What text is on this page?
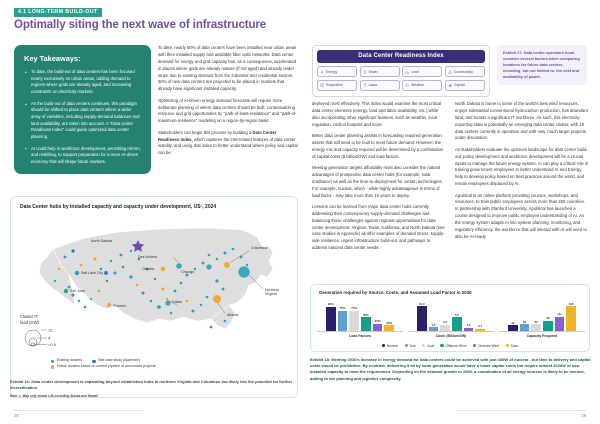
4.1 LONG-TERM BUILD-OUT
Optimally siting the next wave of infrastructure
Key Takeaways:
• To date, the build-out of data centers has been focused nearly exclusively on urban areas, adding demand to regions where grids are already aged, and increasing constraints on electricity markets.
• As the build-out of data centers continues, this paradigm should be shifted to place data centers where a wider array of variables, including supply-demand balances and land availability, are taken into account. A "Data center Readiness Index" could guide optimized data center planning.
• AI could help in workforce development, permitting reform, and reskilling, to support preparation for a more AI-driven economy that will shape future markets.

To date, nearly 50% of data centers have been installed near urban areas with their installed supply and available fiber optic networks. Data center demand for energy and grid capacity has, as a consequence, accelerated in places where grids are already mature (if not aged) and already under strain due to existing demand from the industrial and residential sectors. 50% of new data centers are projected to be placed in markets that already have significant installed capacity.

Optimizing of AI-driven energy demand forecasts will require more deliberate planning of where data centers should be built, contextualizing resource and grid opportunities by "path-of-least-resistance" and "path-of-maximum-resilience" modeling on a region-by-region basis.

Stakeholders can begin this process by building a Data Center Readiness Index, which captures the interrelated features of data center viability, and using that index to better understand where policy and capital can be

Data Center Readiness Index
Energy	Water	Land	Connectivity
Regulation	Labor	Weather	Capital
Exhibit 17: Data center operators must consider several factors when comparing locations for future data centers, including, but not limited to, the cost and availability of power.

deployed most effectively. This index would examine the most critical data center elements (energy, land and labor availability, etc.) while also incorporating other significant features, such as weather, local regulation, carbon footprint and more.

Better data center planning assists in forecasting required generation assets that will need to be built to meet future demand. However, the energy mix and capacity required will be determined by a combination of capital costs ($ billion/GW) and load factors.

Meeting generation targets affordably must also consider the natural advantages of prospective data center hubs (for example, solar irradiance) as well as the time-to-deployment for certain technologies. For example, nuclear, which - while highly advantageous in terms of load factor - may take more than 10 years to deploy.

Lessons can be learned from major data center hubs currently addressing their contemporary supply-demand challenges and balancing those challenges against regional opportunities for data center development. Virginia, Texas, California, and North Dakota (see case studies in Appendix) all offer examples of demand stress, supply-side resilience, urgent infrastructure build-out, and pathways to address nascent data center needs.

North Dakota is home to some of the world's best wind resources, enjoys substantial conventional hydrocarbon production, has abundant land, and boasts a significant IT workforce. As such, this electricity-exporting state is potentially an emerging data center cluster, with 19 data centers currently in operation and with new, much larger projects under discussion.

As stakeholders evaluate the optimum landscape for data center build-out, policy development and workforce development will be a crucial inputs to manage the future energy system. AI can play a critical role in training government employees to better understand AI and Energy, help to develop policy based on best practices around the world, and retrain employees displaced by AI.

Apolitical is an online platform providing courses, workshops, and resources, to train public employees across more than 250 countries. In partnership with Stanford University, Apolitical has launched a course designed to improve public employee understanding of AI. As the energy system adapts AI into system planning, monitoring, and regulatory efficiency, the workforce that will interact with AI will need to also be AI-ready.

Data Center hubs by installed capacity and capacity under development, US¹, 2024
North Dakota
Des Moines
Omaha
Chicago
Columbus
Salt Lake City
San Jose
Phoenix
Dallas
Atlanta
Northern
Virginia
Cluster IT
load (GW)
12
4
=0.5
Existing clusters	Site case study (Appendix)
Future clusters based on current pipeline of announced projects
Exhibit 16: Data center development is expanding beyond established hubs in northern Virginia and Columbus but likely has the potential for further diversification.
Note: 1. Map only shows L48 excluding Alaska and Hawaii
Generation required by Source, Costs, and Assumed Load Factor in 2030
90%
75% 75%
50%
25% 20%
Load Factors
10.0
1.5
2.5
5.5
1.2	0.7
Costs (Billion/GW)
43	52	52
78
111
195
Capacity Required
Nuclear	Gas	Coal	Offshore Wind	Onshore Wind	Solar
Exhibit 18: Meeting 2030's increase in energy demand for data centers could be achieved with just 430W of nuclear - but time to delivery and capital costs would be prohibitive. By contrast, delivering it all by solar generation would have a lower capital costs but require almost 2000W of new installed capacity to meet the requirement. Depending on the demand growth to 2050, a combination of all energy sources is likely to be needed, adding to the planning and logistics complexity.
28	29
